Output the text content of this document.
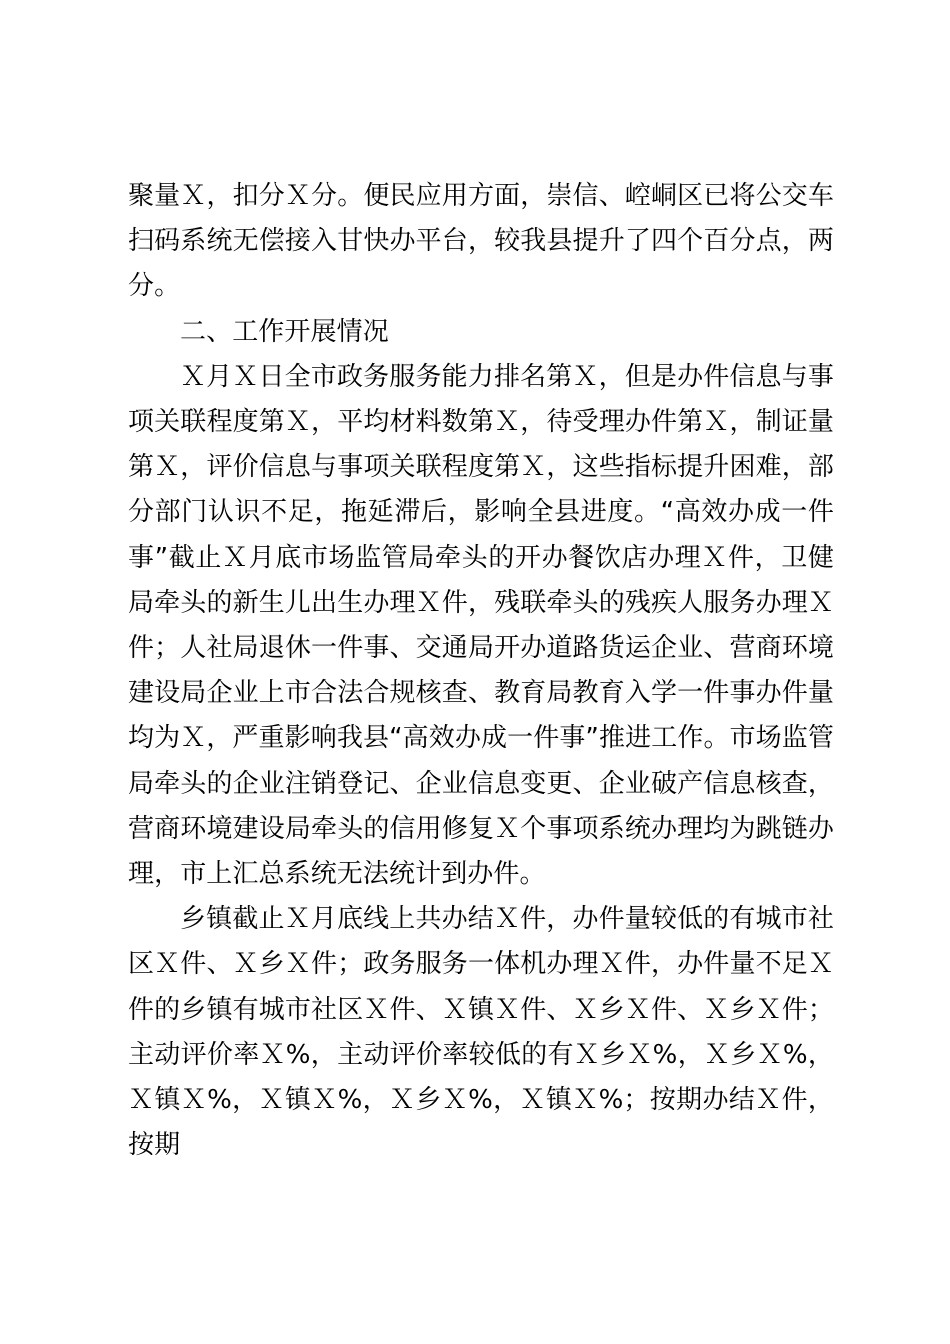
聚量Ｘ，扣分Ｘ分。便民应用方面，崇信、崆峒区已将公交车扫码系统无偿接入甘快办平台，较我县提升了四个百分点，两分。

二、工作开展情况

Ｘ月Ｘ日全市政务服务能力排名第Ｘ，但是办件信息与事项关联程度第Ｘ，平均材料数第Ｘ，待受理办件第Ｘ，制证量第Ｘ，评价信息与事项关联程度第Ｘ，这些指标提升困难，部分部门认识不足，拖延滞后，影响全县进度。“高效办成一件事”截止Ｘ月底市场监管局牵头的开办餐饮店办理Ｘ件，卫健局牵头的新生儿出生办理Ｘ件，残联牵头的残疾人服务办理Ｘ件；人社局退休一件事、交通局开办道路货运企业、营商环境建设局企业上市合法合规核查、教育局教育入学一件事办件量均为Ｘ，严重影响我县“高效办成一件事”推进工作。市场监管局牵头的企业注销登记、企业信息变更、企业破产信息核查，营商环境建设局牵头的信用修复Ｘ个事项系统办理均为跳链办理，市上汇总系统无法统计到办件。

乡镇截止Ｘ月底线上共办结Ｘ件，办件量较低的有城市社区Ｘ件、Ｘ乡Ｘ件；政务服务一体机办理Ｘ件，办件量不足Ｘ件的乡镇有城市社区Ｘ件、Ｘ镇Ｘ件、Ｘ乡Ｘ件、Ｘ乡Ｘ件；主动评价率Ｘ%，主动评价率较低的有Ｘ乡Ｘ%，Ｘ乡Ｘ%，Ｘ镇Ｘ%，Ｘ镇Ｘ%，Ｘ乡Ｘ%，Ｘ镇Ｘ%；按期办结Ｘ件，按期
